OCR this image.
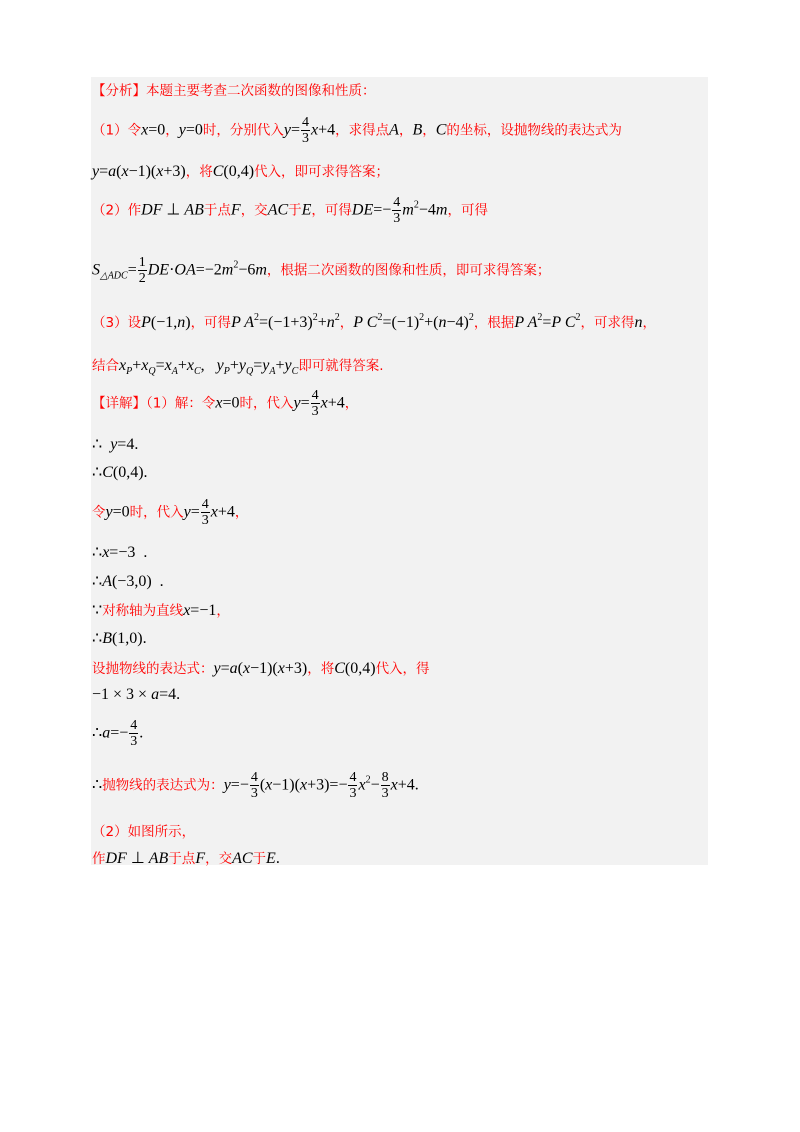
【分析】本题主要考查二次函数的图像和性质：
（1）令x=0，y=0时，分别代入$y= \frac{4}{3} x+4$，求得点A，B，C的坐标，设抛物线的表达式为
y=a(x−1)(x+3)，将C(0,4)代入，即可求得答案；
（2）作DF ⊥ AB于点F，交AC于E，可得$DE=- \frac{4}{3} m^2-4m$，可得
$S_{\triangle ADC}= \frac{1}{2} DE\cdot OA=-2m^2-6m$，根据二次函数的图像和性质，即可求得答案；
（3）设P(−1,n)，可得P $A^2=(-1+3)^2+n^2$，P $C^2=(-1)^2+(n-4)^2$，根据P $A^2=P$ $C^2$，可求得n，
结合$x_P+x_Q=x_A+x_C$,   $y_P+y_Q=y_A+y_C$即可就得答案.
【详解】（1）解：令x=0时，代入$y= \frac{4}{3} x+4$，
∴ y=4.
∴C(0,4).
令y=0时，代入$y= \frac{4}{3} x+4$，
∴x=−3  .
∴A(−3,0)  .
∵对称轴为直线x=−1，
∴B(1,0).
设抛物线的表达式：y=a(x−1)(x+3)，将C(0,4)代入，得
−1 × 3 × a=4.
∴a=− $\frac{4}{3}$ .
∴抛物线的表达式为：$y=- \frac{4}{3} (x-1)(x+3)=- \frac{4}{3} x^2- \frac{8}{3} x+4$.
（2）如图所示，
作DF ⊥ AB于点F，交AC于E.
